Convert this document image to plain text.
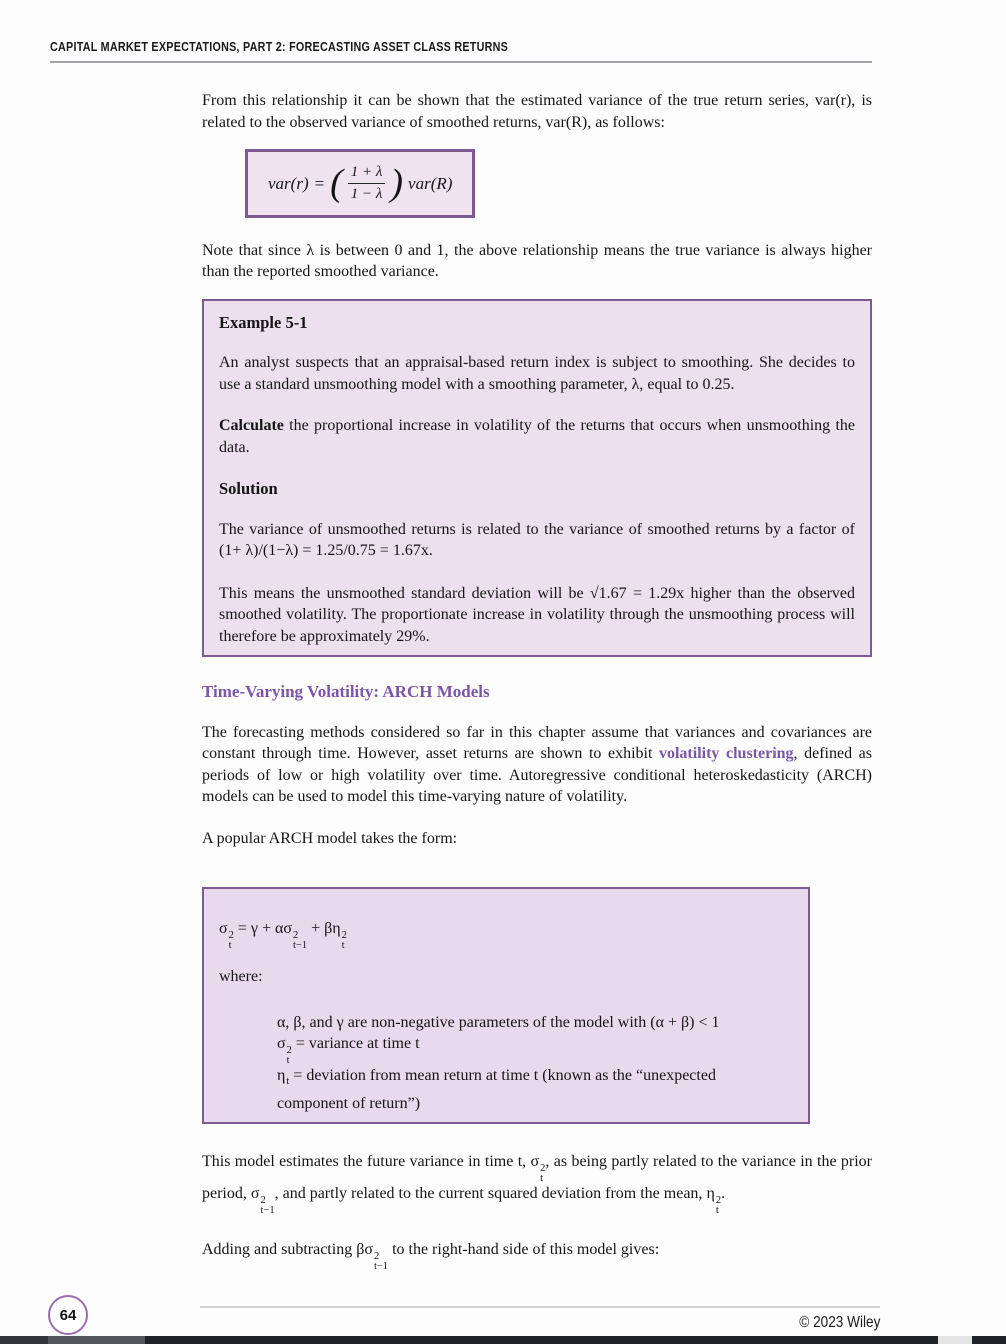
CAPITAL MARKET EXPECTATIONS, PART 2: FORECASTING ASSET CLASS RETURNS

From this relationship it can be shown that the estimated variance of the true return series, var(r), is related to the observed variance of smoothed returns, var(R), as follows:

var(r) = ( $\frac{1 + \lambda}{1 - \lambda}$ ) var(R)

Note that since λ is between 0 and 1, the above relationship means the true variance is always higher than the reported smoothed variance.

Example 5-1

An analyst suspects that an appraisal-based return index is subject to smoothing. She decides to use a standard unsmoothing model with a smoothing parameter, λ, equal to 0.25.

Calculate the proportional increase in volatility of the returns that occurs when unsmoothing the data.

Solution

The variance of unsmoothed returns is related to the variance of smoothed returns by a factor of (1+ λ)/(1−λ) = 1.25/0.75 = 1.67x.

This means the unsmoothed standard deviation will be √1.67 = 1.29x higher than the observed smoothed volatility. The proportionate increase in volatility through the unsmoothing process will therefore be approximately 29%.

Time-Varying Volatility: ARCH Models

The forecasting methods considered so far in this chapter assume that variances and covariances are constant through time. However, asset returns are shown to exhibit volatility clustering, defined as periods of low or high volatility over time. Autoregressive conditional heteroskedasticity (ARCH) models can be used to model this time-varying nature of volatility.

A popular ARCH model takes the form:

σ 2
t
= γ + ασ 2
t−1
+ βη 2
t
where:
α, β, and γ are non-negative parameters of the model with (α + β) < 1
σ 2
t
= variance at time t
$\eta_t$ = deviation from mean return at time t (known as the “unexpected component of return”)

This model estimates the future variance in time t, σ 2
t
, as being partly related to the variance in the prior period, σ 2
t−1
, and partly related to the current squared deviation from the mean, η 2
t
.

Adding and subtracting βσ 2
t−1
to the right-hand side of this model gives:

64	© 2023 Wiley
